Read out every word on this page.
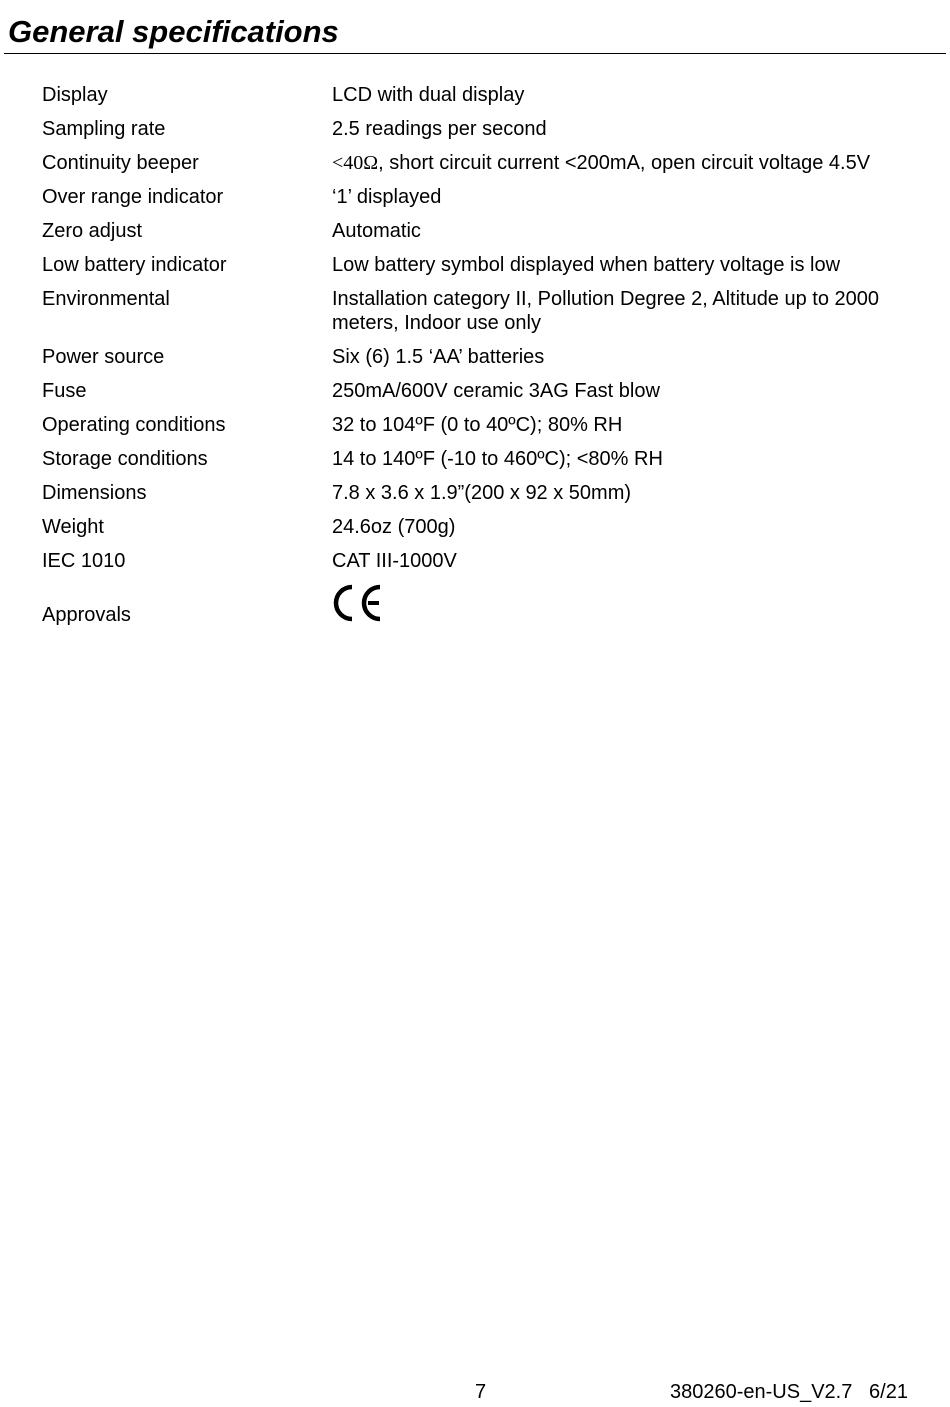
General specifications
Display	LCD with dual display
Sampling rate	2.5 readings per second
Continuity beeper	<40Ω, short circuit current <200mA, open circuit voltage 4.5V
Over range indicator	‘1’ displayed
Zero adjust	Automatic
Low battery indicator	Low battery symbol displayed when battery voltage is low
Environmental	Installation category II, Pollution Degree 2, Altitude up to 2000 meters, Indoor use only
Power source	Six (6) 1.5 ‘AA’ batteries
Fuse	250mA/600V ceramic 3AG Fast blow
Operating conditions	32 to 104ºF (0 to 40ºC); 80% RH
Storage conditions	14 to 140ºF (-10 to 460ºC); <80% RH
Dimensions	7.8 x 3.6 x 1.9”(200 x 92 x 50mm)
Weight	24.6oz (700g)
IEC 1010	CAT III-1000V
Approvals
7	380260-en-US_V2.7   6/21
